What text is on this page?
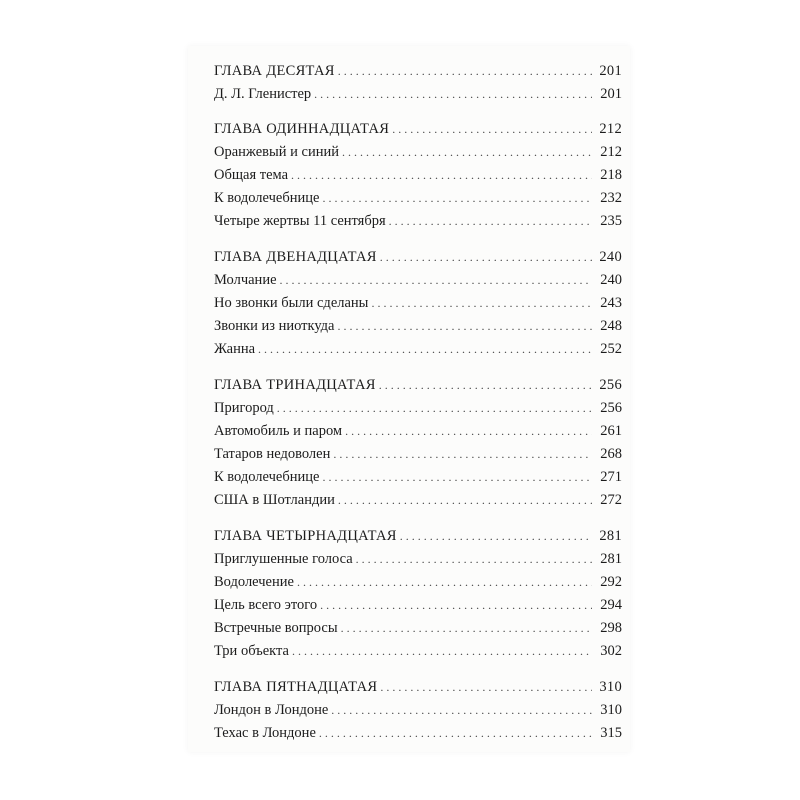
ГЛАВА ДЕСЯТАЯ . . .	201
Д. Л. Гленистер . . .	201
ГЛАВА ОДИННАДЦАТАЯ . . .	212
Оранжевый и синий . . .	212
Общая тема . . .	218
К водолечебнице . . .	232
Четыре жертвы 11 сентября . . .	235
ГЛАВА ДВЕНАДЦАТАЯ . . .	240
Молчание . . .	240
Но звонки были сделаны . . .	243
Звонки из ниоткуда . . .	248
Жанна . . .	252
ГЛАВА ТРИНАДЦАТАЯ . . .	256
Пригород . . .	256
Автомобиль и паром . . .	261
Татаров недоволен . . .	268
К водолечебнице . . .	271
США в Шотландии . . .	272
ГЛАВА ЧЕТЫРНАДЦАТАЯ . . .	281
Приглушенные голоса . . .	281
Водолечение . . .	292
Цель всего этого . . .	294
Встречные вопросы . . .	298
Три объекта . . .	302
ГЛАВА ПЯТНАДЦАТАЯ . . .	310
Лондон в Лондоне . . .	310
Техас в Лондоне . . .	315
